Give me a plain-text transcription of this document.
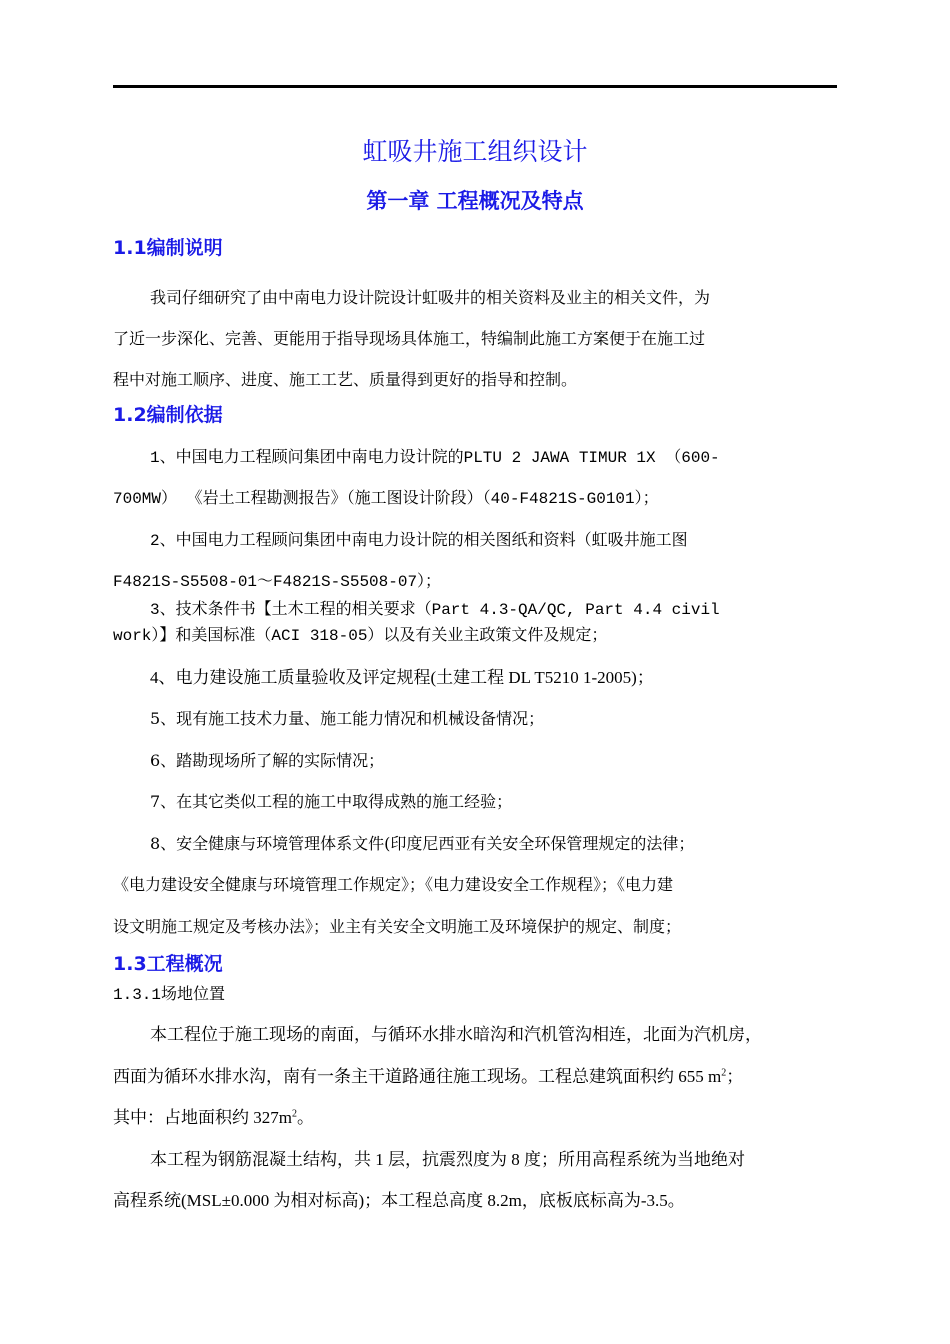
虹吸井施工组织设计
第一章 工程概况及特点
1.1编制说明
我司仔细研究了由中南电力设计院设计虹吸井的相关资料及业主的相关文件，为
了近一步深化、完善、更能用于指导现场具体施工，特编制此施工方案便于在施工过
程中对施工顺序、进度、施工工艺、质量得到更好的指导和控制。
1.2编制依据
1、中国电力工程顾问集团中南电力设计院的PLTU 2 JAWA TIMUR 1X （600-
700MW） 《岩土工程勘测报告》（施工图设计阶段）（40-F4821S-G0101）；
2、中国电力工程顾问集团中南电力设计院的相关图纸和资料（虹吸井施工图
F4821S-S5508-01～F4821S-S5508-07）；
3、技术条件书【土木工程的相关要求（Part 4.3-QA/QC, Part 4.4 civil
work）】和美国标准（ACI 318-05）以及有关业主政策文件及规定；
4、电力建设施工质量验收及评定规程(土建工程 DL T5210 1-2005)；
5、现有施工技术力量、施工能力情况和机械设备情况；
6、踏勘现场所了解的实际情况；
7、在其它类似工程的施工中取得成熟的施工经验；
8、安全健康与环境管理体系文件(印度尼西亚有关安全环保管理规定的法律；
《电力建设安全健康与环境管理工作规定》；《电力建设安全工作规程》；《电力建
设文明施工规定及考核办法》；业主有关安全文明施工及环境保护的规定、制度；
1.3工程概况
1.3.1场地位置
本工程位于施工现场的南面，与循环水排水暗沟和汽机管沟相连，北面为汽机房，
西面为循环水排水沟，南有一条主干道路通往施工现场。工程总建筑面积约 655 $m^2$；
其中：占地面积约 $327m^2$。
本工程为钢筋混凝土结构，共 1 层，抗震烈度为 8 度；所用高程系统为当地绝对
高程系统(MSL±0.000 为相对标高)；本工程总高度 8.2m，底板底标高为-3.5。
